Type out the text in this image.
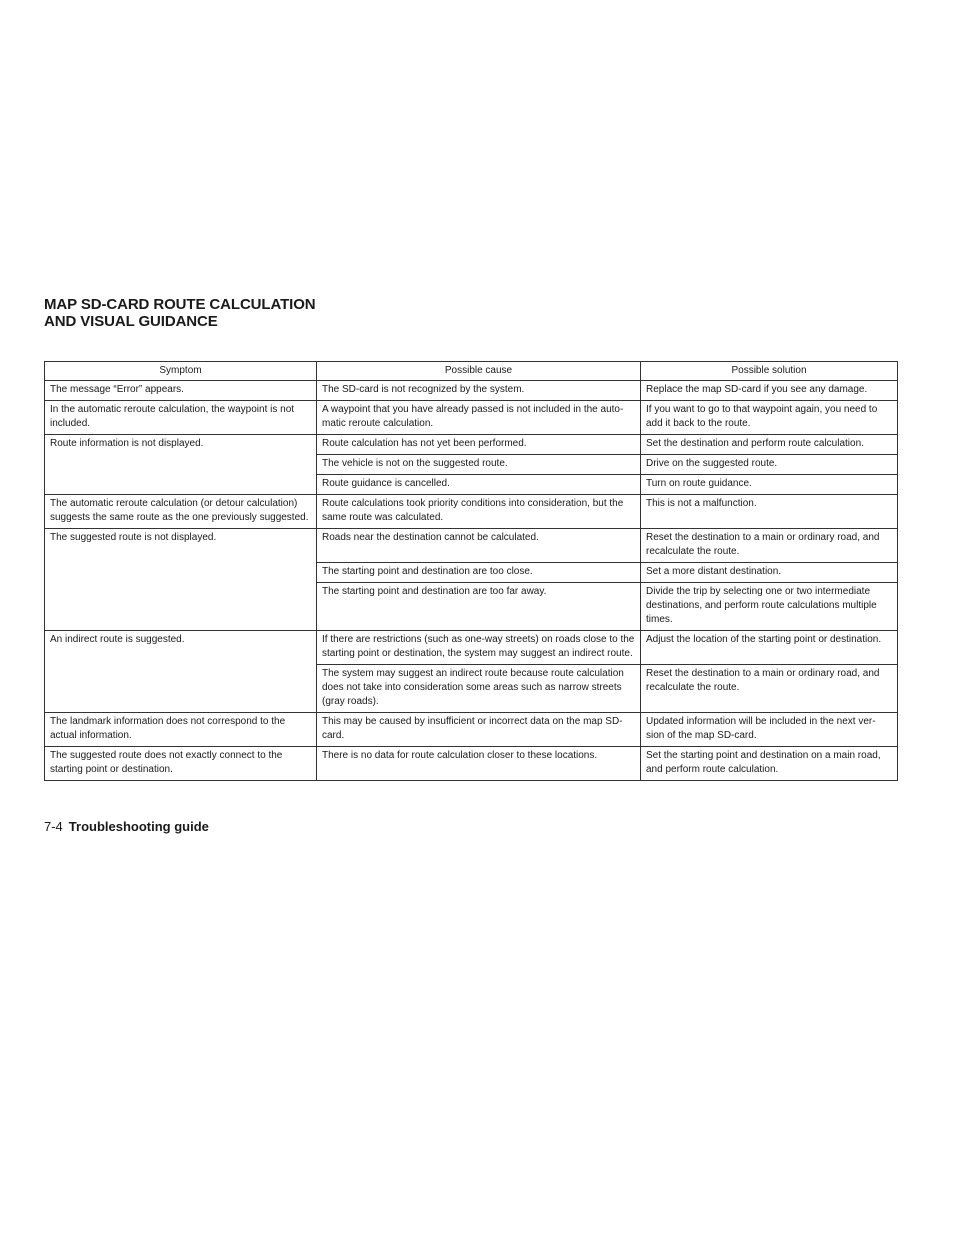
MAP SD-CARD ROUTE CALCULATION
AND VISUAL GUIDANCE
Symptom	Possible cause	Possible solution
The message “Error” appears.	The SD-card is not recognized by the system.	Replace the map SD-card if you see any damage.
In the automatic reroute calculation, the waypoint is not included.	A waypoint that you have already passed is not included in the auto-matic reroute calculation.	If you want to go to that waypoint again, you need to add it back to the route.
Route information is not displayed.	Route calculation has not yet been performed.	Set the destination and perform route calculation.
	The vehicle is not on the suggested route.	Drive on the suggested route.
	Route guidance is cancelled.	Turn on route guidance.
The automatic reroute calculation (or detour calculation) suggests the same route as the one previously suggested.	Route calculations took priority conditions into consideration, but the same route was calculated.	This is not a malfunction.
The suggested route is not displayed.	Roads near the destination cannot be calculated.	Reset the destination to a main or ordinary road, and recalculate the route.
	The starting point and destination are too close.	Set a more distant destination.
	The starting point and destination are too far away.	Divide the trip by selecting one or two intermediate destinations, and perform route calculations multiple times.
An indirect route is suggested.	If there are restrictions (such as one-way streets) on roads close to the starting point or destination, the system may suggest an indirect route.	Adjust the location of the starting point or destination.
	The system may suggest an indirect route because route calculation does not take into consideration some areas such as narrow streets (gray roads).	Reset the destination to a main or ordinary road, and recalculate the route.
The landmark information does not correspond to the actual information.	This may be caused by insufficient or incorrect data on the map SD-card.	Updated information will be included in the next ver-sion of the map SD-card.
The suggested route does not exactly connect to the starting point or destination.	There is no data for route calculation closer to these locations.	Set the starting point and destination on a main road, and perform route calculation.

7-4 Troubleshooting guide
